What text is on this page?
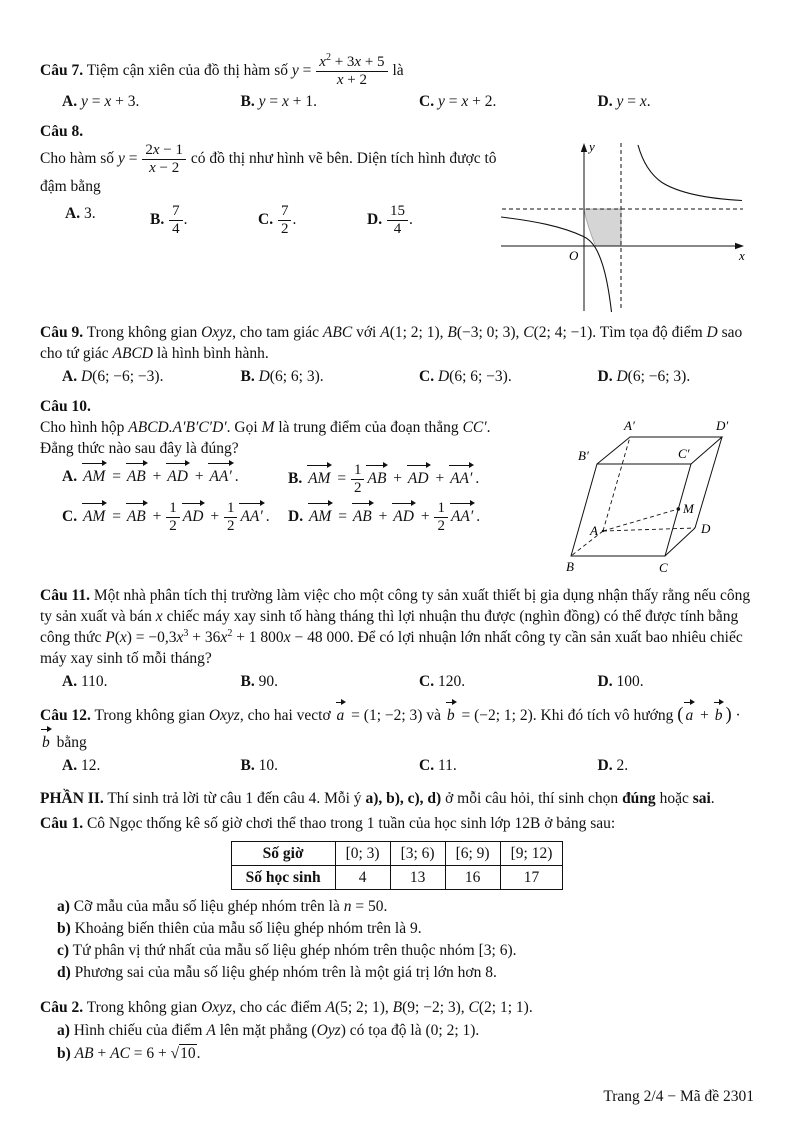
Câu 7. Tiệm cận xiên của đồ thị hàm số $y = \frac{x^2 + 3x + 5}{x + 2}$ là

A. y = x + 3.	B. y = x + 1.	C. y = x + 2.	D. y = x.

Câu 8.

Cho hàm số $y = \frac{2x - 1}{x - 2}$ có đồ thị như hình vẽ bên. Diện tích hình được tô đậm bằng

A. 3.	B. $\frac{7}{4}$ .	C. $\frac{7}{2}$ .	D. $\frac{15}{4}$ .
y
x
O

Câu 9. Trong không gian Oxyz, cho tam giác ABC với A(1; 2; 1), B(−3; 0; 3), C(2; 4; −1). Tìm tọa độ điểm D sao cho tứ giác ABCD là hình bình hành.

A. D(6; −6; −3).	B. D(6; 6; 3).	C. D(6; 6; −3).	D. D(6; −6; 3).

Câu 10.

Cho hình hộp ABCD.A′B′C′D′. Gọi M là trung điểm của đoạn thẳng CC′.

Đẳng thức nào sau đây là đúng?

A. AM = AB + AD + AA′ .	B. AM = $\frac{1}{2}$ AB + AD + AA′ .
C. AM = AB + $\frac{1}{2}$ AD + $\frac{1}{2} AA'$ .	D. AM = AB + AD + $\frac{1}{2} AA'$ .
A′	D′
B′	C′
A
B	C
D
M

Câu 11. Một nhà phân tích thị trường làm việc cho một công ty sản xuất thiết bị gia dụng nhận thấy rằng nếu công ty sản xuất và bán x chiếc máy xay sinh tố hàng tháng thì lợi nhuận thu được (nghìn đồng) có thể được tính bằng công thức $P(x) = -0,3x^3 + 36x^2 + 1$ 800x − 48 000. Để có lợi nhuận lớn nhất công ty cần sản xuất bao nhiêu chiếc máy xay sinh tố mỗi tháng?

A. 110.	B. 90.	C. 120.	D. 100.

Câu 12. Trong không gian Oxyz, cho hai vectơ a = (1; −2; 3) và b = (−2; 1; 2). Khi đó tích vô hướng ( a + b ) · b bằng

A. 12.	B. 10.	C. 11.	D. 2.

PHẦN II. Thí sinh trả lời từ câu 1 đến câu 4. Mỗi ý a), b), c), d) ở mỗi câu hỏi, thí sinh chọn đúng hoặc sai.

Câu 1. Cô Ngọc thống kê số giờ chơi thể thao trong 1 tuần của học sinh lớp 12B ở bảng sau:

Số giờ	[0; 3)	[3; 6)	[6; 9)	[9; 12)
Số học sinh	4	13	16	17

a) Cỡ mẫu của mẫu số liệu ghép nhóm trên là n = 50.

b) Khoảng biến thiên của mẫu số liệu ghép nhóm trên là 9.

c) Tứ phân vị thứ nhất của mẫu số liệu ghép nhóm trên thuộc nhóm [3; 6).

d) Phương sai của mẫu số liệu ghép nhóm trên là một giá trị lớn hơn 8.

Câu 2. Trong không gian Oxyz, cho các điểm A(5; 2; 1), B(9; −2; 3), C(2; 1; 1).

a) Hình chiếu của điểm A lên mặt phẳng (Oyz) có tọa độ là (0; 2; 1).

b) AB + AC = 6 + √10.

Trang 2/4 − Mã đề 2301
